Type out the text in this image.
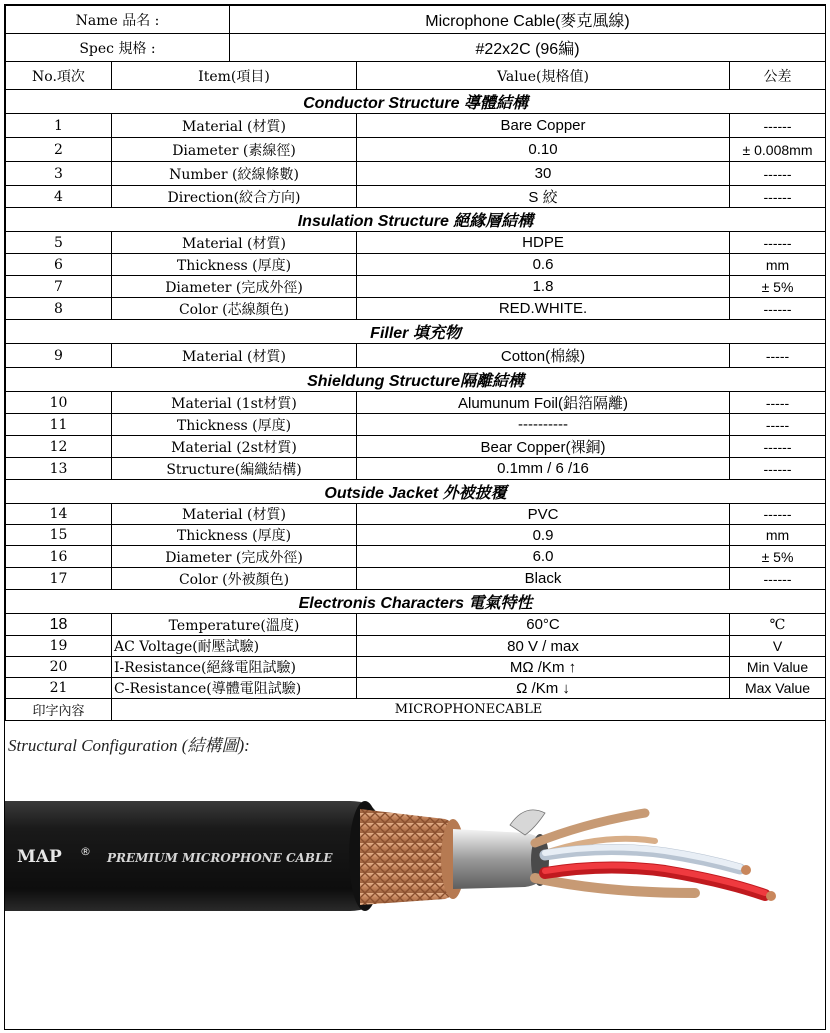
Name 品名 :		Microphone Cable(麥克風線)		
Spec 規格 :		#22x2C (96編)		
No.項次	Item(項目)		Value(規格值)	公差
Conductor Structure 導體結構				
1	Material (材質)		Bare Copper	------
2	Diameter (素線徑)		0.10	± 0.008mm
3	Number (絞線條數)		30	------
4	Direction(絞合方向)		S 絞	------
Insulation Structure 絕緣層結構				
5	Material (材質)		HDPE	------
6	Thickness (厚度)		0.6	mm
7	Diameter (完成外徑)		1.8	± 5%
8	Color (芯線顏色)		RED.WHITE.	------
Filler 填充物				
9	Material (材質)		Cotton(棉線)	-----
Shieldung Structure隔離結構				
10	Material (1st材質)		Alumunum Foil(鋁箔隔離)	-----
11	Thickness (厚度)		----------	-----
12	Material (2st材質)		Bear Copper(裸銅)	------
13	Structure(編織結構)		0.1mm / 6 /16	------
Outside Jacket 外被披覆				
14	Material (材質)		PVC	------
15	Thickness (厚度)		0.9	mm
16	Diameter (完成外徑)		6.0	± 5%
17	Color (外被顏色)		Black	------
Electronis Characters 電氣特性				
18	Temperature(溫度)		60°C	℃
19	AC Voltage(耐壓試驗)		80 V / max	V
20	I-Resistance(絕緣電阻試驗)		MΩ /Km ↑	Min Value
21	C-Resistance(導體電阻試驗)		Ω /Km ↓	Max Value
印字內容	MICROPHONECABLE			
Structural Configuration (結構圖):
MAP ® PREMIUM MICROPHONE CABLE
